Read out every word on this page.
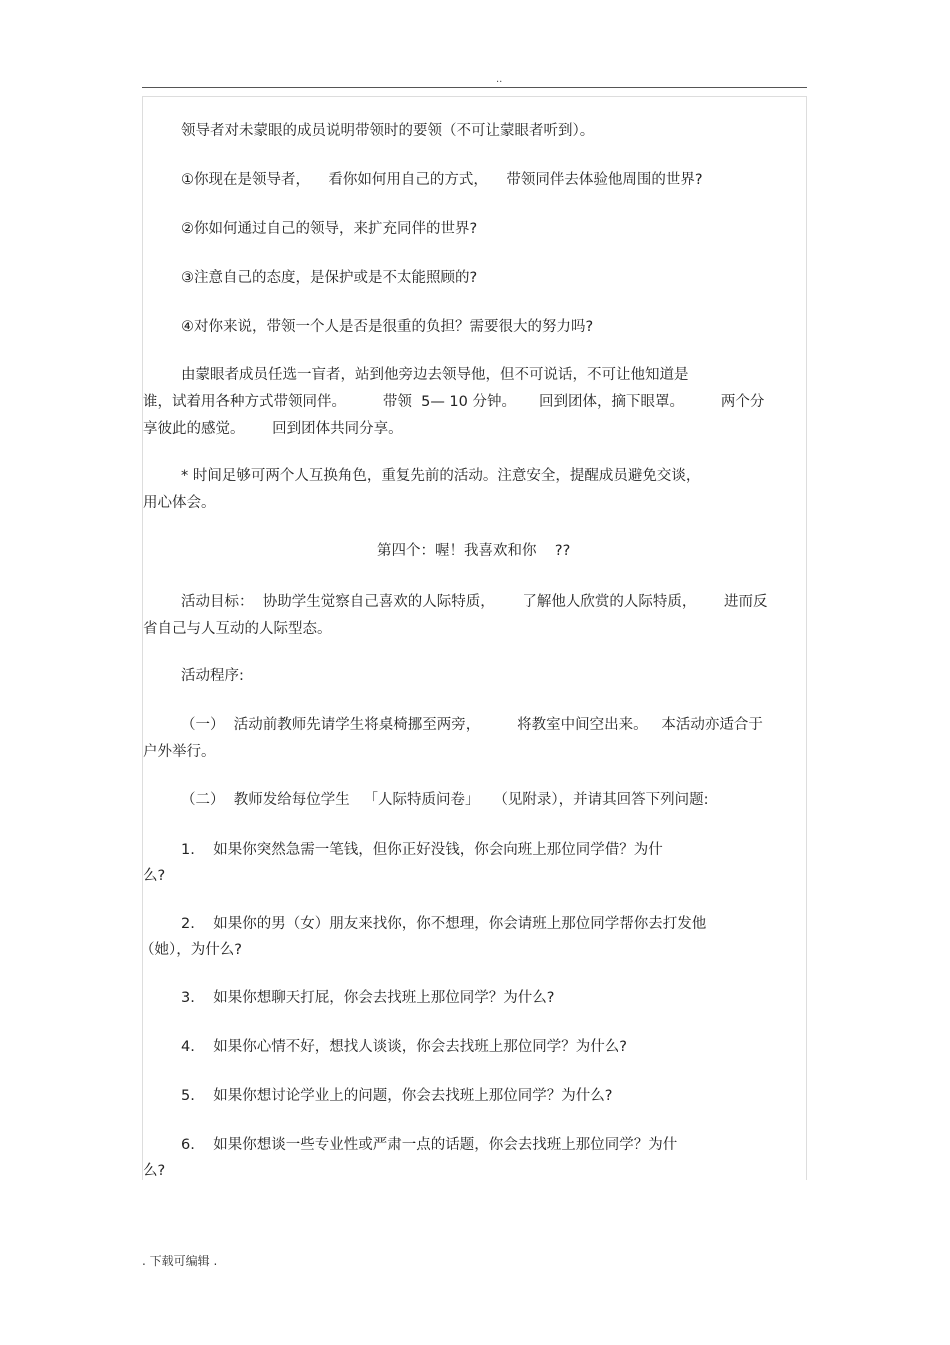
..
领导者对未蒙眼的成员说明带领时的要领（不可让蒙眼者听到）。
①你现在是领导者，    看你如何用自己的方式，    带领同伴去体验他周围的世界?
②你如何通过自己的领导，来扩充同伴的世界?
③注意自己的态度，是保护或是不太能照顾的?
④对你来说，带领一个人是否是很重的负担？需要很大的努力吗?
由蒙眼者成员任选一盲者，站到他旁边去领导他，但不可说话，不可让他知道是
谁，试着用各种方式带领同伴。        带领  5— 10 分钟。     回到团体，摘下眼罩。        两个分
享彼此的感觉。      回到团体共同分享。
* 时间足够可两个人互换角色，重复先前的活动。注意安全，提醒成员避免交谈，
用心体会。
第四个：喔！我喜欢和你    ??
活动目标：  协助学生觉察自己喜欢的人际特质，      了解他人欣赏的人际特质，      进而反
省自己与人互动的人际型态。
活动程序:
（一）  活动前教师先请学生将桌椅挪至两旁，        将教室中间空出来。   本活动亦适合于
户外举行。
（二）  教师发给每位学生   「人际特质问卷」   （见附录），并请其回答下列问题:
1.    如果你突然急需一笔钱，但你正好没钱，你会向班上那位同学借？为什
么?
2.    如果你的男（女）朋友来找你，你不想理，你会请班上那位同学帮你去打发他
（她），为什么?
3.    如果你想聊天打屁，你会去找班上那位同学？为什么?
4.    如果你心情不好，想找人谈谈，你会去找班上那位同学？为什么?
5.    如果你想讨论学业上的问题，你会去找班上那位同学？为什么?
6.    如果你想谈一些专业性或严肃一点的话题，你会去找班上那位同学？为什
么?
. 下载可编辑 .
